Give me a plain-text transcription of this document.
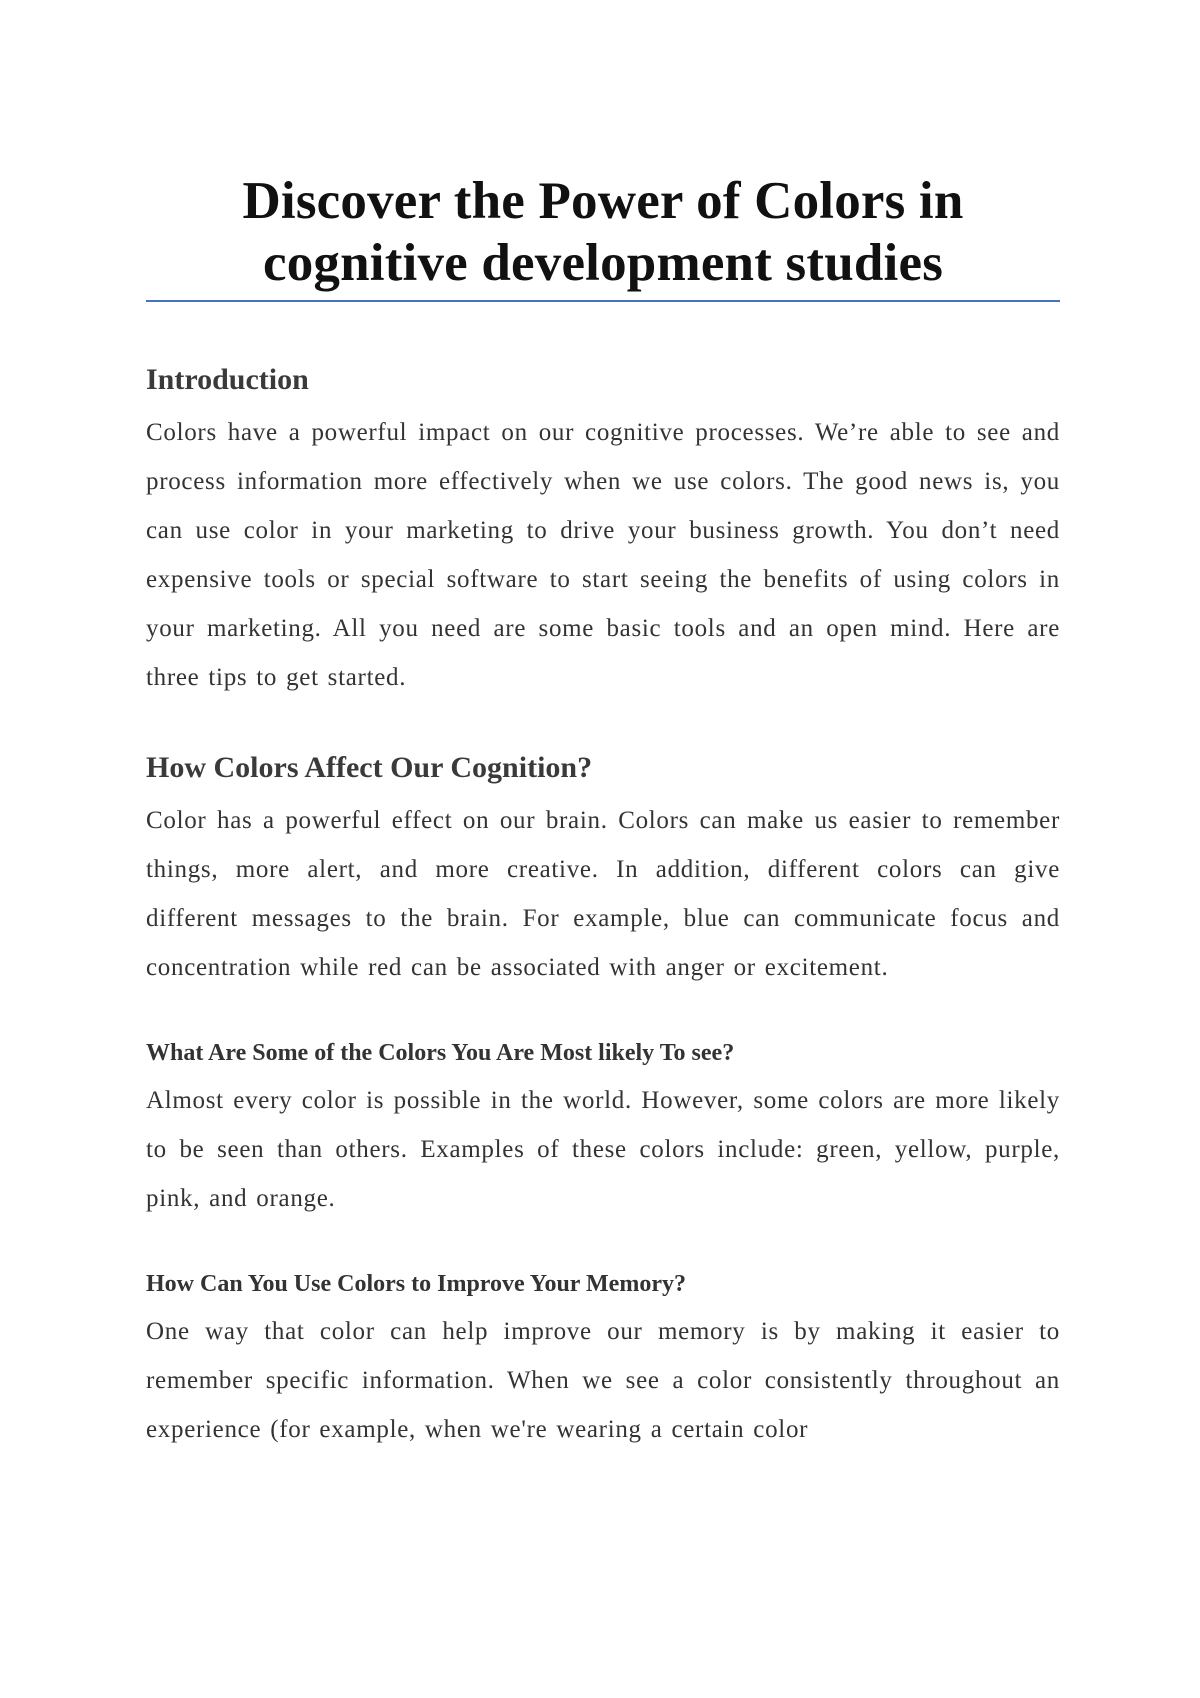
Discover the Power of Colors in cognitive development studies
Introduction

Colors have a powerful impact on our cognitive processes. We’re able to see and process information more effectively when we use colors. The good news is, you can use color in your marketing to drive your business growth. You don’t need expensive tools or special software to start seeing the benefits of using colors in your marketing. All you need are some basic tools and an open mind. Here are three tips to get started.

How Colors Affect Our Cognition?

Color has a powerful effect on our brain. Colors can make us easier to remember things, more alert, and more creative. In addition, different colors can give different messages to the brain. For example, blue can communicate focus and concentration while red can be associated with anger or excitement.

What Are Some of the Colors You Are Most likely To see?

Almost every color is possible in the world. However, some colors are more likely to be seen than others. Examples of these colors include: green, yellow, purple, pink, and orange.

How Can You Use Colors to Improve Your Memory?

One way that color can help improve our memory is by making it easier to remember specific information. When we see a color consistently throughout an experience (for example, when we're wearing a certain color
